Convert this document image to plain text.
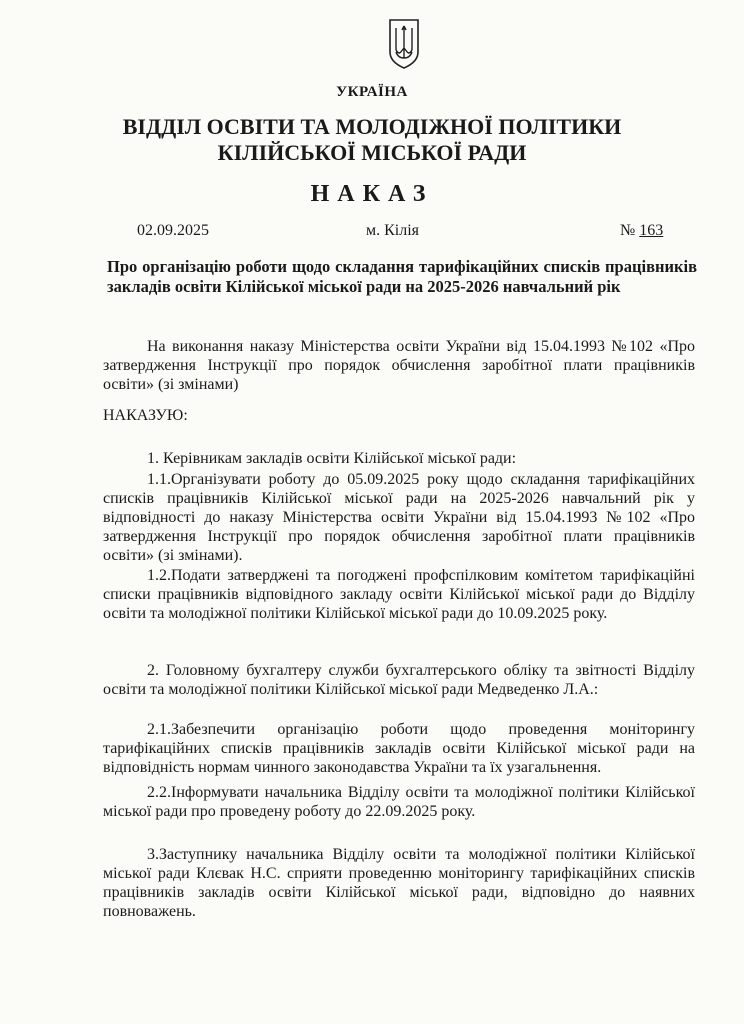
УКРАЇНА
ВІДДІЛ ОСВІТИ ТА МОЛОДІЖНОЇ ПОЛІТИКИ
КІЛІЙСЬКОЇ МІСЬКОЇ РАДИ
НАКАЗ
02.09.2025	м. Кілія	№ 163
Про організацію роботи щодо складання тарифікаційних списків працівників закладів освіти Кілійської міської ради на 2025-2026 навчальний рік

На виконання наказу Міністерства освіти України від 15.04.1993 №102 «Про затвердження Інструкції про порядок обчислення заробітної плати працівників освіти» (зі змінами)

НАКАЗУЮ:

1. Керівникам закладів освіти Кілійської міської ради:

1.1.Організувати роботу до 05.09.2025 року щодо складання тарифікаційних списків працівників Кілійської міської ради на 2025-2026 навчальний рік у відповідності до наказу Міністерства освіти України від 15.04.1993 №102 «Про затвердження Інструкції про порядок обчислення заробітної плати працівників освіти» (зі змінами).

1.2.Подати затверджені та погоджені профспілковим комітетом тарифікаційні списки працівників відповідного закладу освіти Кілійської міської ради до Відділу освіти та молодіжної політики Кілійської міської ради до 10.09.2025 року.

2. Головному бухгалтеру служби бухгалтерського обліку та звітності Відділу освіти та молодіжної політики Кілійської міської ради Медведенко Л.А.:

2.1.Забезпечити організацію роботи щодо проведення моніторингу тарифікаційних списків працівників закладів освіти Кілійської міської ради на відповідність нормам чинного законодавства України та їх узагальнення.

2.2.Інформувати начальника Відділу освіти та молодіжної політики Кілійської міської ради про проведену роботу до 22.09.2025 року.

3.Заступнику начальника Відділу освіти та молодіжної політики Кілійської міської ради Клєвак Н.С. сприяти проведенню моніторингу тарифікаційних списків працівників закладів освіти Кілійської міської ради, відповідно до наявних повноважень.
